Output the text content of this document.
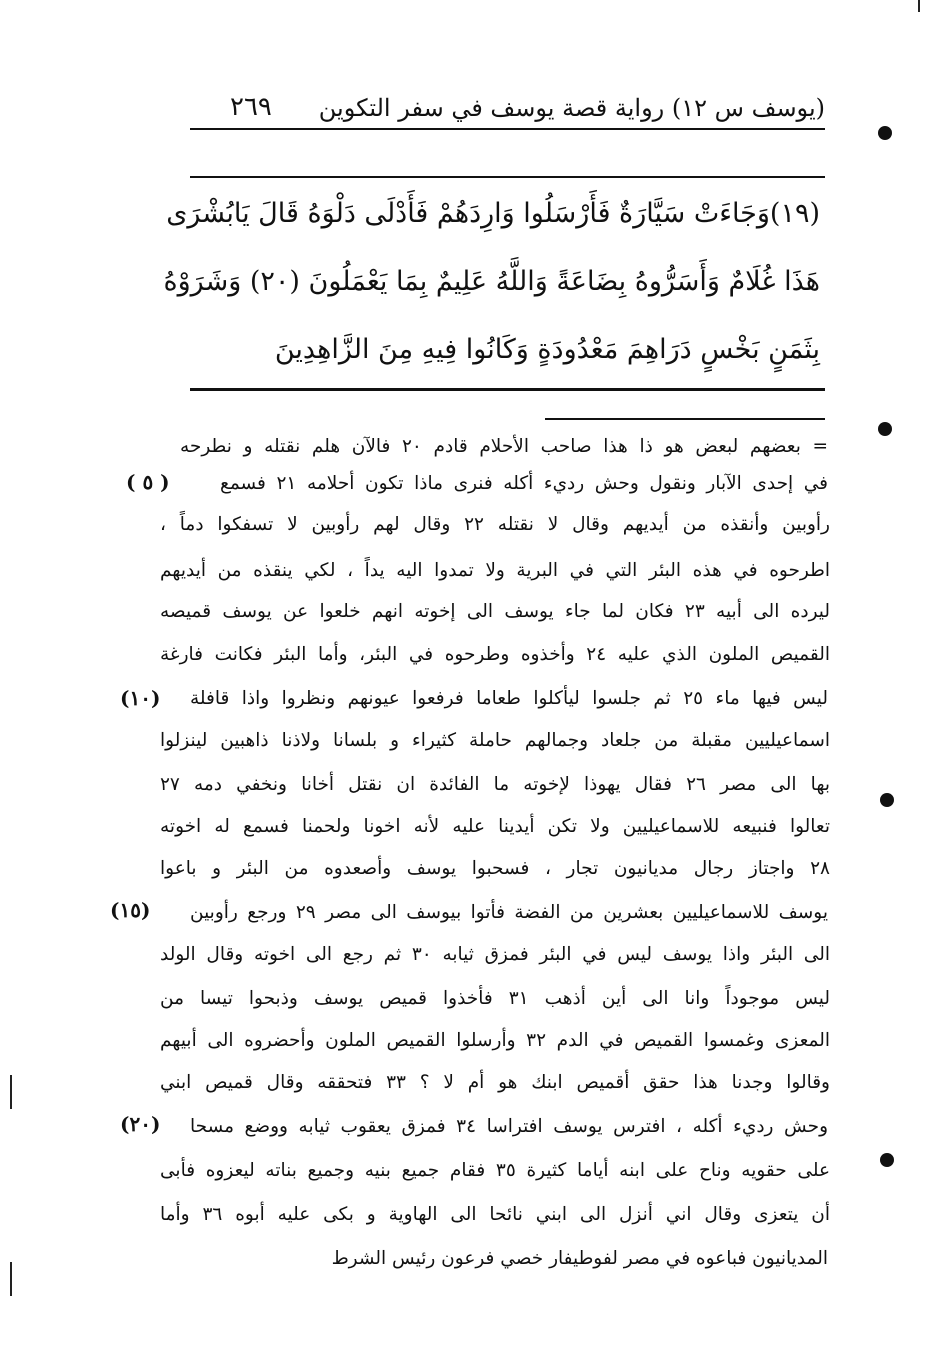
٢٦٩ (يوسف س ١٢) رواية قصة يوسف في سفر التكوين
(١٩)وَجَاءَتْ سَيَّارَةٌ فَأَرْسَلُوا وَارِدَهُمْ فَأَدْلَى دَلْوَهُ قَالَ يَابُشْرَى
هَذَا غُلَامٌ وَأَسَرُّوهُ بِضَاعَةً وَاللَّهُ عَلِيمٌ بِمَا يَعْمَلُونَ (٢٠) وَشَرَوْهُ
بِثَمَنٍ بَخْسٍ دَرَاهِمَ مَعْدُودَةٍ وَكَانُوا فِيهِ مِنَ الزَّاهِدِينَ
= بعضهم لبعض هو ذا هذا صاحب الأحلام قادم ٢٠ فالآن هلم نقتله و نطرحه
في إحدى الآبار ونقول وحش رديء أكله فنرى ماذا تكون أحلامه ٢١ فسمع
رأوبين وأنقذه من أيديهم وقال لا نقتله ٢٢ وقال لهم رأوبين لا تسفكوا دماً ،
اطرحوه في هذه البئر التي في البرية ولا تمدوا اليه يداً ، لكي ينقذه من أيديهم
ليرده الى أبيه ٢٣ فكان لما جاء يوسف الى إخوته انهم خلعوا عن يوسف قميصه
القميص الملون الذي عليه ٢٤ وأخذوه وطرحوه في البئر، وأما البئر فكانت فارغة
ليس فيها ماء ٢٥ ثم جلسوا ليأكلوا طعاما فرفعوا عيونهم ونظروا واذا قافلة
اسماعيليين مقبلة من جلعاد وجمالهم حاملة كثيراء و بلسانا ولاذنا ذاهبين لينزلوا
بها الى مصر ٢٦ فقال يهوذا لإخوته ما الفائدة ان نقتل أخانا ونخفي دمه ٢٧
تعالوا فنبيعه للاسماعيليين ولا تكن أيدينا عليه لأنه اخونا ولحمنا فسمع له اخوته
٢٨ واجتاز رجال مديانيون تجار ، فسحبوا يوسف وأصعدوه من البئر و باعوا
يوسف للاسماعيليين بعشرين من الفضة فأتوا بيوسف الى مصر ٢٩ ورجع رأوبين
الى البئر واذا يوسف ليس في البئر فمزق ثيابه ٣٠ ثم رجع الى اخوته وقال الولد
ليس موجوداً وانا الى أين أذهب ٣١ فأخذوا قميص يوسف وذبحوا تيسا من
المعزى وغمسوا القميص في الدم ٣٢ وأرسلوا القميص الملون وأحضروه الى أبيهم
وقالوا وجدنا هذا حقق أقميص ابنك هو أم لا ؟ ٣٣ فتحققه وقال قميص ابني
وحش رديء أكله ، افترس يوسف افتراسا ٣٤ فمزق يعقوب ثيابه ووضع مسحا
على حقويه وناح على ابنه أياما كثيرة ٣٥ فقام جميع بنيه وجميع بناته ليعزوه فأبى
أن يتعزى وقال اني أنزل الى ابني نائحا الى الهاوية و بكى عليه أبوه ٣٦ وأما
المديانيون فباعوه في مصر لفوطيفار خصي فرعون رئيس الشرط
( ٥ )
(١٠)
(١٥)
(٢٠)
